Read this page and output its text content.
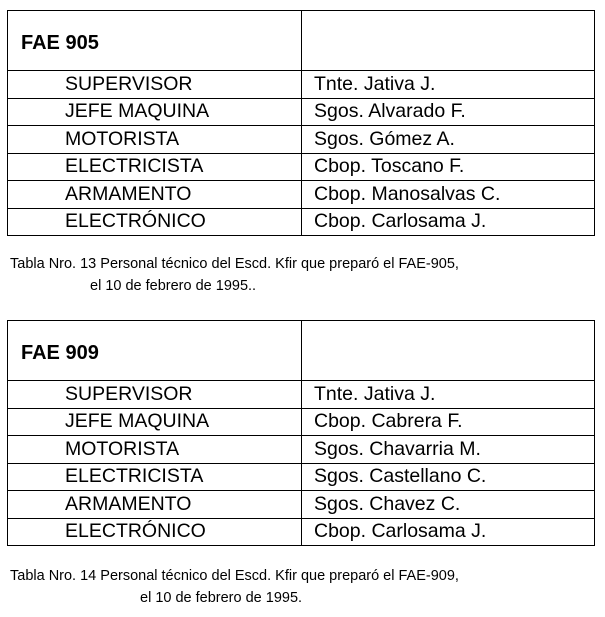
FAE 905	
SUPERVISOR	Tnte. Jativa J.
JEFE MAQUINA	Sgos. Alvarado F.
MOTORISTA	Sgos. Gómez A.
ELECTRICISTA	Cbop. Toscano F.
ARMAMENTO	Cbop. Manosalvas C.
ELECTRÓNICO	Cbop. Carlosama J.
Tabla Nro. 13 Personal técnico del Escd. Kfir que preparó el FAE-905,
el 10 de febrero de 1995..
FAE 909	
SUPERVISOR	Tnte. Jativa J.
JEFE MAQUINA	Cbop. Cabrera F.
MOTORISTA	Sgos. Chavarria M.
ELECTRICISTA	Sgos. Castellano C.
ARMAMENTO	Sgos. Chavez C.
ELECTRÓNICO	Cbop. Carlosama J.
Tabla Nro. 14 Personal técnico del Escd. Kfir que preparó el FAE-909,
el 10 de febrero de 1995.
